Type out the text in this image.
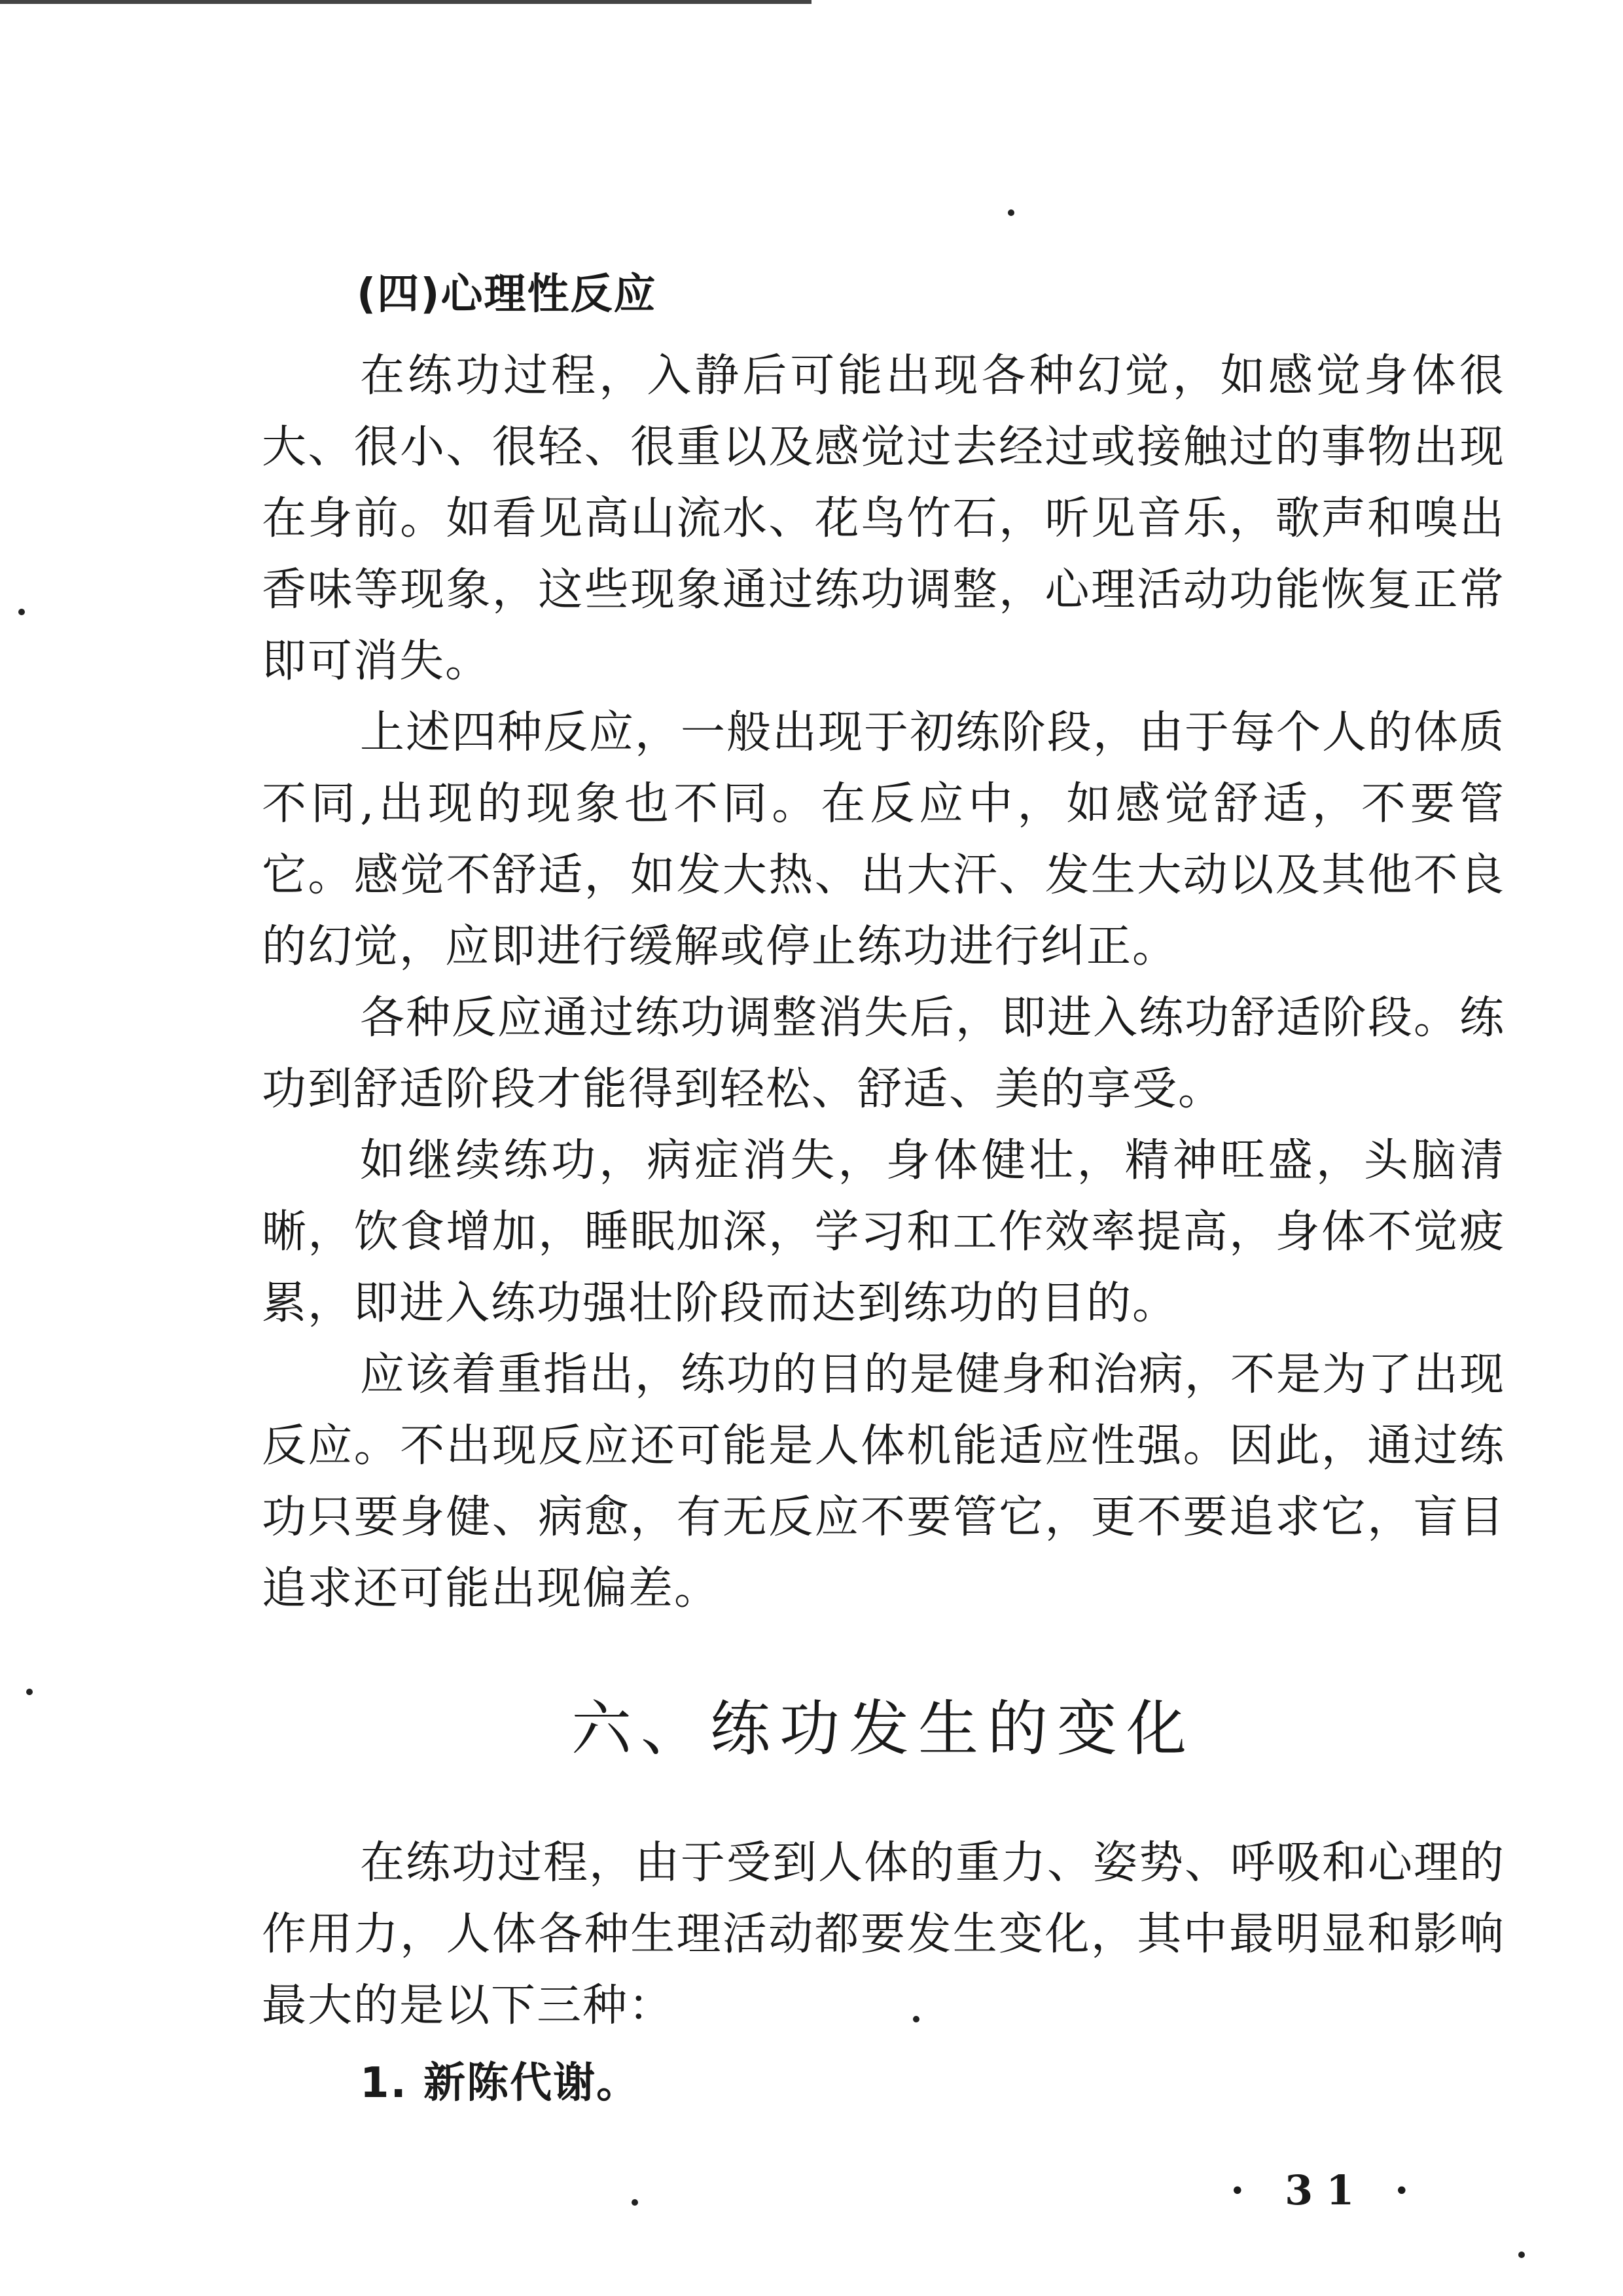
(四)心理性反应

在练功过程，入静后可能出现各种幻觉，如感觉身体很大、很小、很轻、很重以及感觉过去经过或接触过的事物出现在身前。如看见高山流水、花鸟竹石，听见音乐，歌声和嗅出香味等现象，这些现象通过练功调整，心理活动功能恢复正常即可消失。

上述四种反应，一般出现于初练阶段，由于每个人的体质不同,出现的现象也不同。在反应中，如感觉舒适，不要管它。感觉不舒适，如发大热、出大汗、发生大动以及其他不良的幻觉，应即进行缓解或停止练功进行纠正。

各种反应通过练功调整消失后，即进入练功舒适阶段。练功到舒适阶段才能得到轻松、舒适、美的享受。

如继续练功，病症消失，身体健壮，精神旺盛，头脑清晰，饮食增加，睡眠加深，学习和工作效率提高，身体不觉疲累，即进入练功强壮阶段而达到练功的目的。

应该着重指出，练功的目的是健身和治病，不是为了出现反应。不出现反应还可能是人体机能适应性强。因此，通过练功只要身健、病愈，有无反应不要管它，更不要追求它，盲目追求还可能出现偏差。

六、练功发生的变化

在练功过程，由于受到人体的重力、姿势、呼吸和心理的作用力，人体各种生理活动都要发生变化，其中最明显和影响最大的是以下三种：

1. 新陈代谢。
· 31 ·
